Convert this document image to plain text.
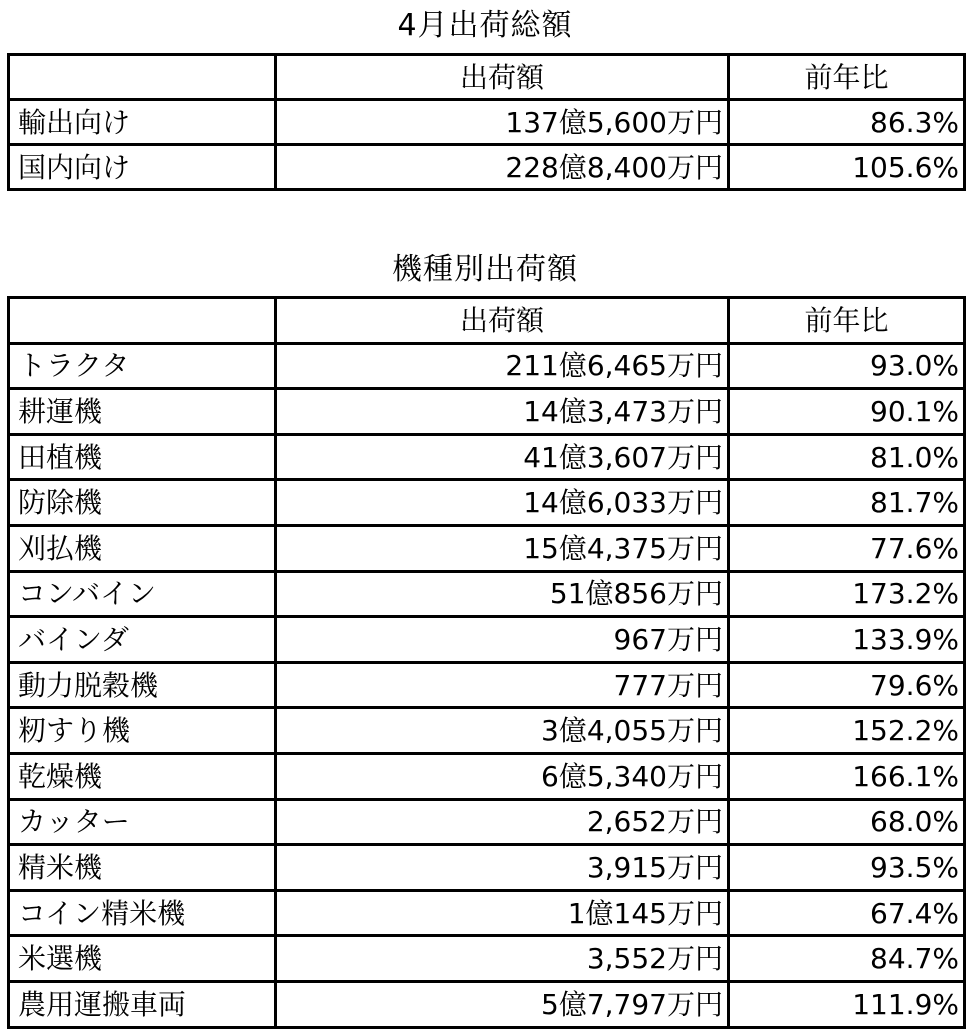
4月出荷総額
	出荷額	前年比
輸出向け	137億5,600万円	86.3%
国内向け	228億8,400万円	105.6%
機種別出荷額
	出荷額	前年比
トラクタ	211億6,465万円	93.0%
耕運機	14億3,473万円	90.1%
田植機	41億3,607万円	81.0%
防除機	14億6,033万円	81.7%
刈払機	15億4,375万円	77.6%
コンバイン	51億856万円	173.2%
バインダ	967万円	133.9%
動力脱穀機	777万円	79.6%
籾すり機	3億4,055万円	152.2%
乾燥機	6億5,340万円	166.1%
カッター	2,652万円	68.0%
精米機	3,915万円	93.5%
コイン精米機	1億145万円	67.4%
米選機	3,552万円	84.7%
農用運搬車両	5億7,797万円	111.9%
